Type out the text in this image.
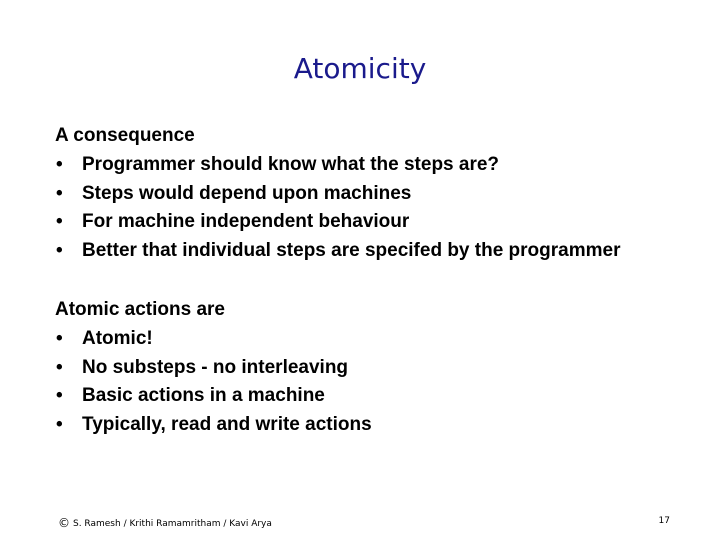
Atomicity
A consequence
• Programmer should know what the steps are?
• Steps would depend upon machines
• For machine independent behaviour
• Better that individual steps are specifed by the programmer
Atomic actions are
• Atomic!
• No substeps - no interleaving
• Basic actions in a machine
• Typically, read and write actions
© S. Ramesh / Krithi Ramamritham / Kavi Arya	17
